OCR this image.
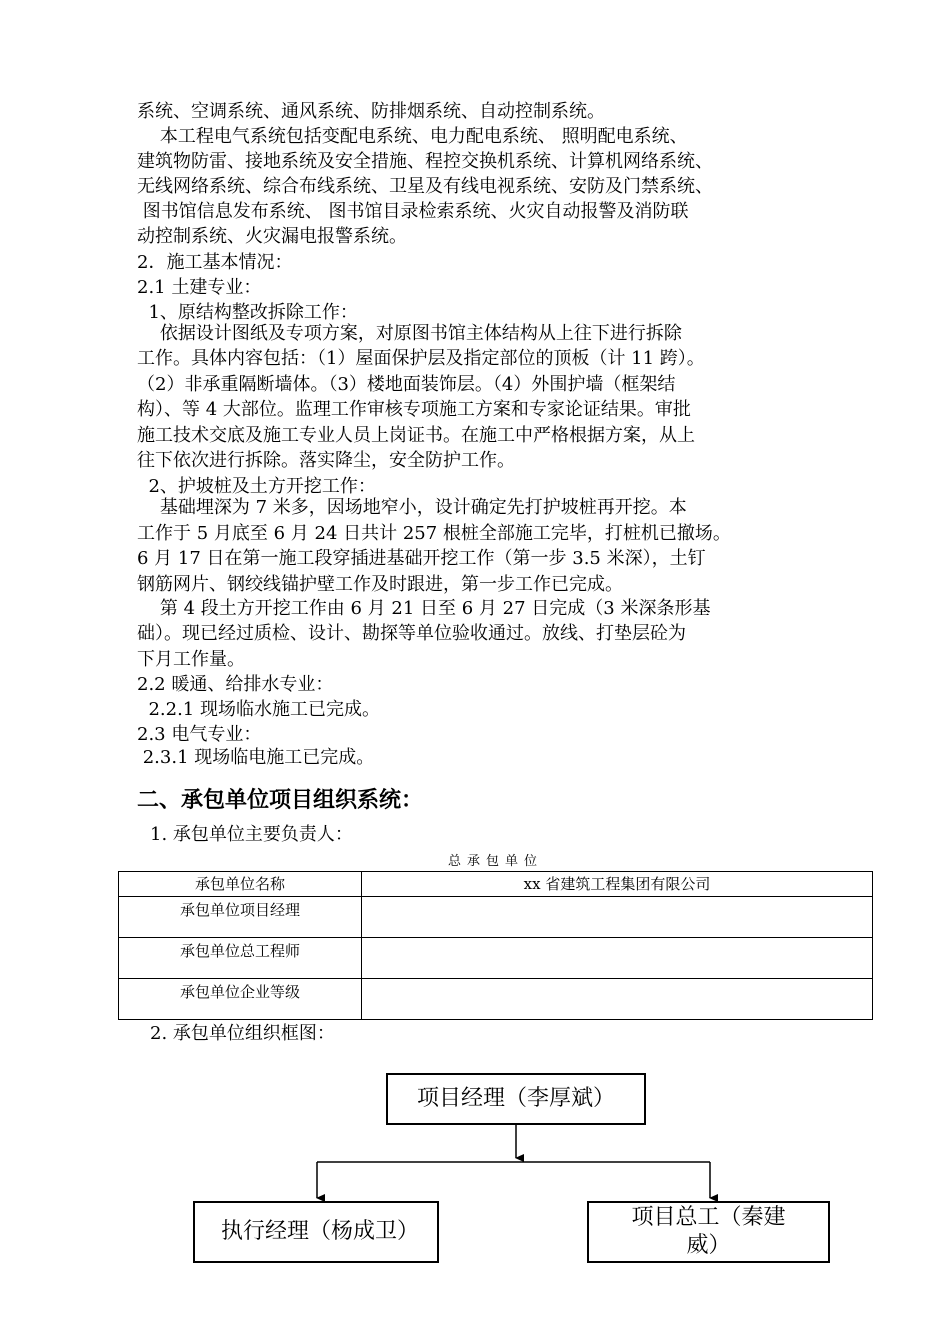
系统、空调系统、通风系统、防排烟系统、自动控制系统。
本工程电气系统包括变配电系统、电力配电系统、 照明配电系统、
建筑物防雷、接地系统及安全措施、程控交换机系统、计算机网络系统、
无线网络系统、综合布线系统、卫星及有线电视系统、安防及门禁系统、
图书馆信息发布系统、 图书馆目录检索系统、火灾自动报警及消防联
动控制系统、火灾漏电报警系统。
2．施工基本情况：
2.1 土建专业：
1、原结构整改拆除工作：
依据设计图纸及专项方案，对原图书馆主体结构从上往下进行拆除
工作。具体内容包括：（1）屋面保护层及指定部位的顶板（计 11 跨）。
（2）非承重隔断墙体。（3）楼地面装饰层。（4）外围护墙（框架结
构）、等 4 大部位。监理工作审核专项施工方案和专家论证结果。审批
施工技术交底及施工专业人员上岗证书。在施工中严格根据方案，从上
往下依次进行拆除。落实降尘，安全防护工作。
2、护坡桩及土方开挖工作：
基础埋深为 7 米多，因场地窄小，设计确定先打护坡桩再开挖。本
工作于 5 月底至 6 月 24 日共计 257 根桩全部施工完毕，打桩机已撤场。
6 月 17 日在第一施工段穿插进基础开挖工作（第一步 3.5 米深），土钉
钢筋网片、钢绞线锚护壁工作及时跟进，第一步工作已完成。
第 4 段土方开挖工作由 6 月 21 日至 6 月 27 日完成（3 米深条形基
础）。现已经过质检、设计、勘探等单位验收通过。放线、打垫层砼为
下月工作量。
2.2 暖通、给排水专业：
2.2.1 现场临水施工已完成。
2.3 电气专业：
2.3.1 现场临电施工已完成。
二、承包单位项目组织系统：
1. 承包单位主要负责人：
总承包单位
承包单位名称	xx 省建筑工程集团有限公司
承包单位项目经理	
承包单位总工程师	
承包单位企业等级	
2. 承包单位组织框图：
项目经理（李厚斌）
执行经理（杨成卫）
项目总工（秦建威）
